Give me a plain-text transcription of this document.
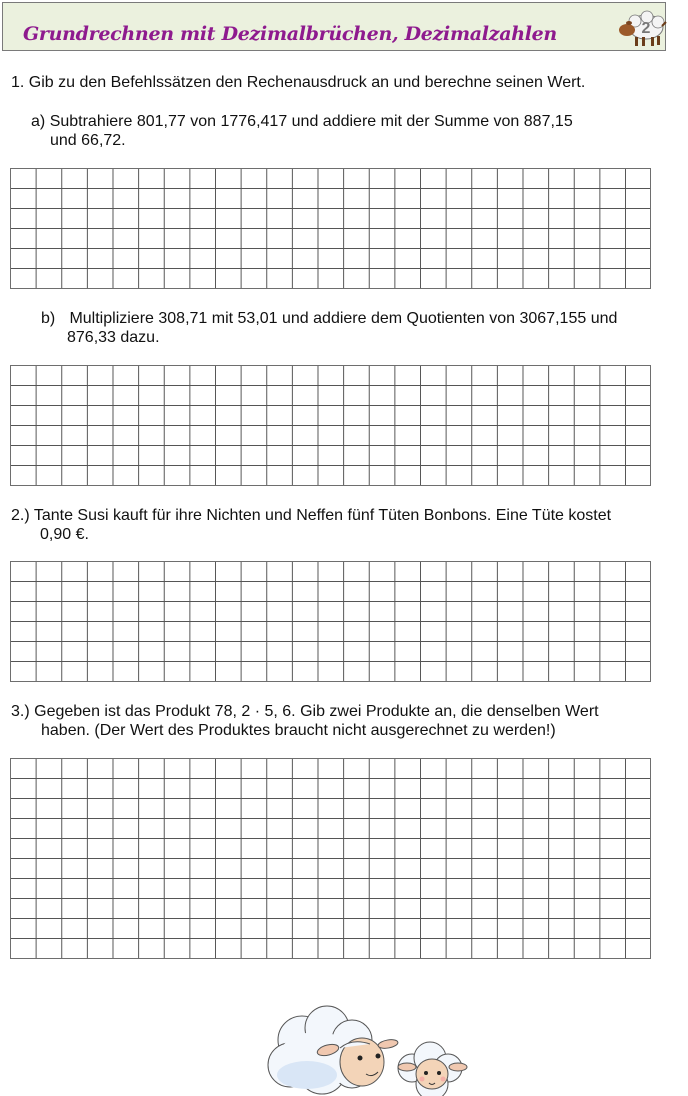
Grundrechnen mit Dezimalbrüchen, Dezimalzahlen	2
1. Gib zu den Befehlssätzen den Rechenausdruck an und berechne seinen Wert.
a) Subtrahiere 801,77 von 1776,417 und addiere mit der Summe von 887,15
und 66,72.
b) Multipliziere 308,71 mit 53,01 und addiere dem Quotienten von 3067,155 und
876,33 dazu.
2.) Tante Susi kauft für ihre Nichten und Neffen fünf Tüten Bonbons. Eine Tüte kostet
0,90 €.
3.) Gegeben ist das Produkt 78, 2 · 5, 6. Gib zwei Produkte an, die denselben Wert
haben. (Der Wert des Produktes braucht nicht ausgerechnet zu werden!)
